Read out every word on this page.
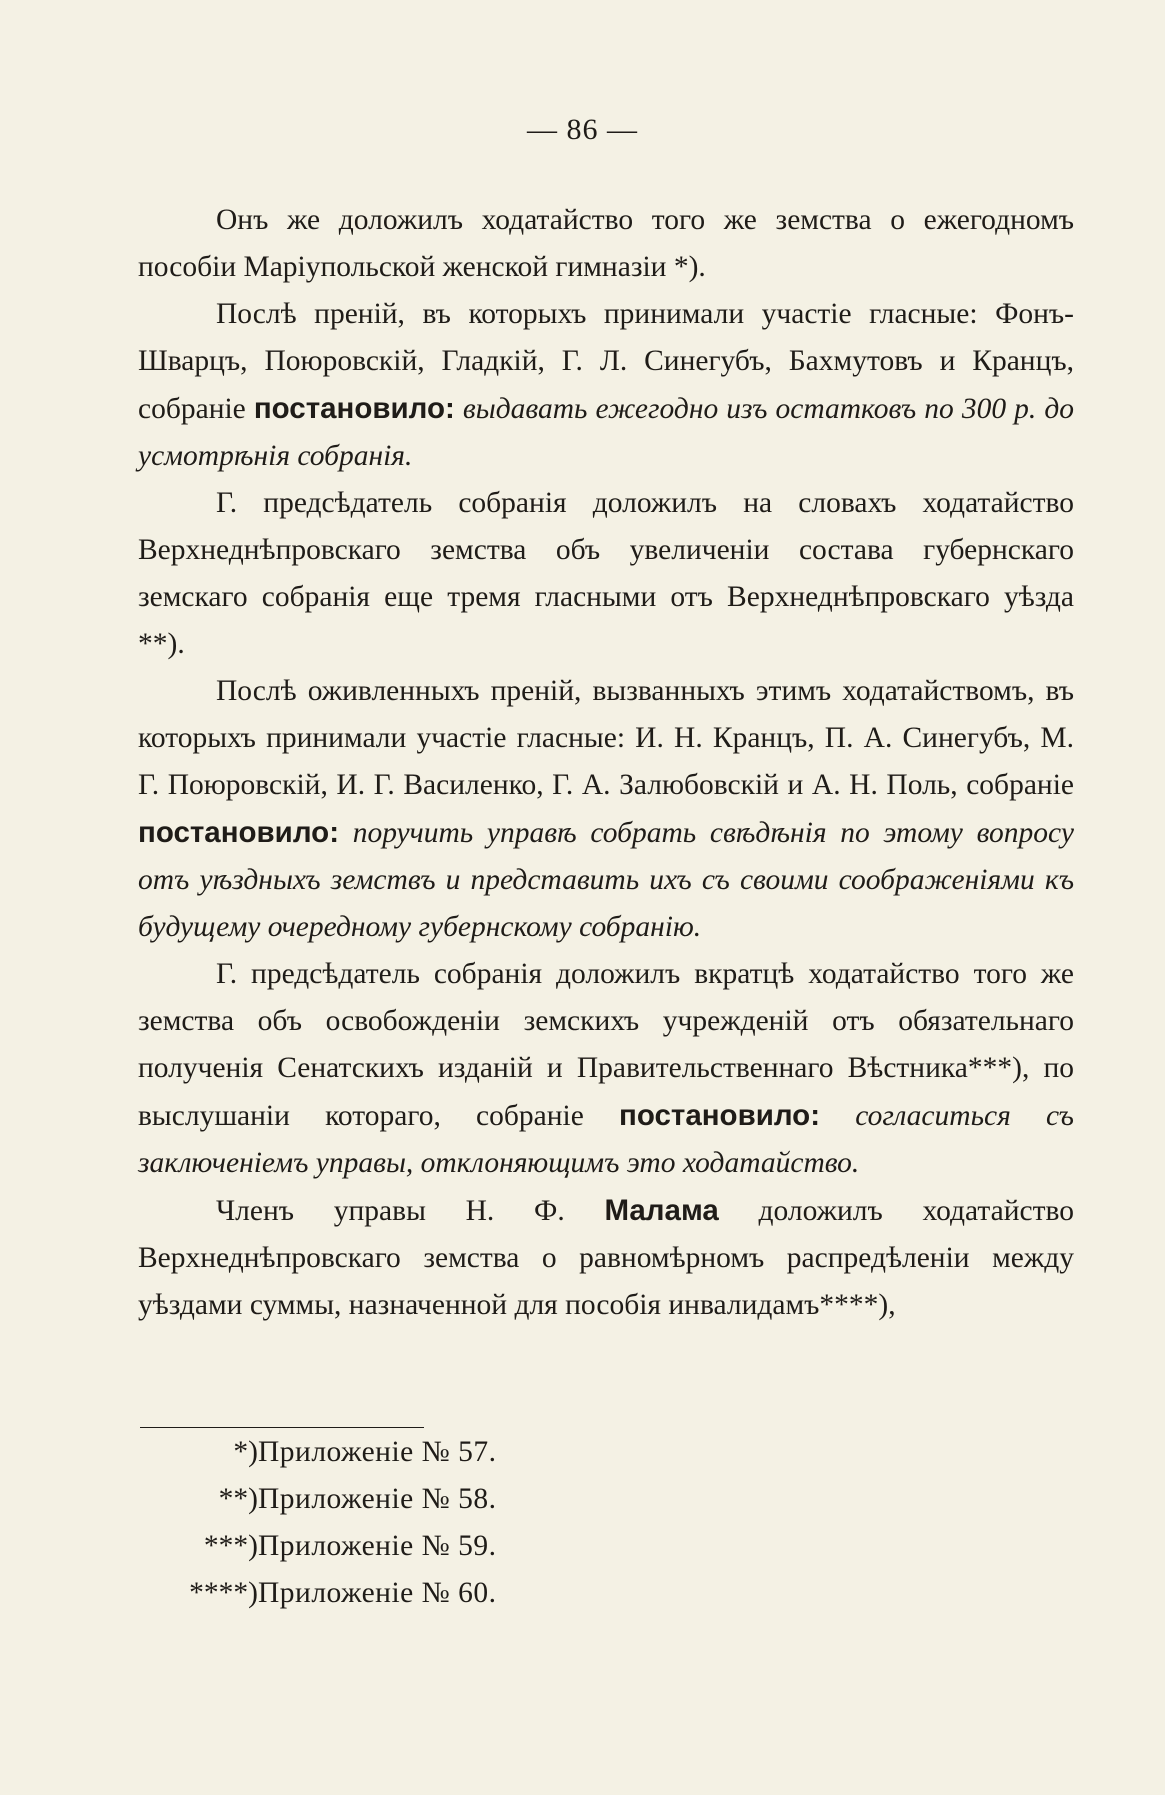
— 86 —

Онъ же доложилъ ходатайство того же земства о ежегодномъ пособіи Маріупольской женской гимназіи *).

Послѣ преній, въ которыхъ принимали участіе гласные: Фонъ-Шварцъ, Поюровскій, Гладкій, Г. Л. Синегубъ, Бахмутовъ и Кранцъ, собраніе постановило: выдавать ежегодно изъ остатковъ по 300 р. до усмотрѣнія собранія.

Г. предсѣдатель собранія доложилъ на словахъ ходатайство Верхнеднѣпровскаго земства объ увеличеніи состава губернскаго земскаго собранія еще тремя гласными отъ Верхнеднѣпровскаго уѣзда **).

Послѣ оживленныхъ преній, вызванныхъ этимъ ходатайствомъ, въ которыхъ принимали участіе гласные: И. Н. Кранцъ, П. А. Синегубъ, М. Г. Поюровскій, И. Г. Василенко, Г. А. Залюбовскій и А. Н. Поль, собраніе постановило: поручить управѣ собрать свѣдѣнія по этому вопросу отъ уѣздныхъ земствъ и представить ихъ съ своими соображеніями къ будущему очередному губернскому собранію.

Г. предсѣдатель собранія доложилъ вкратцѣ ходатайство того же земства объ освобожденіи земскихъ учрежденій отъ обязательнаго полученія Сенатскихъ изданій и Правительственнаго Вѣстника***), по выслушаніи котораго, собраніе постановило: согласиться съ заключеніемъ управы, отклоняющимъ это ходатайство.

Членъ управы Н. Ф. Малама доложилъ ходатайство Верхнеднѣпровскаго земства о равномѣрномъ распредѣленіи между уѣздами суммы, назначенной для пособія инвалидамъ****),

*) Приложеніе № 57.
**) Приложеніе № 58.
***) Приложеніе № 59.
****) Приложеніе № 60.
